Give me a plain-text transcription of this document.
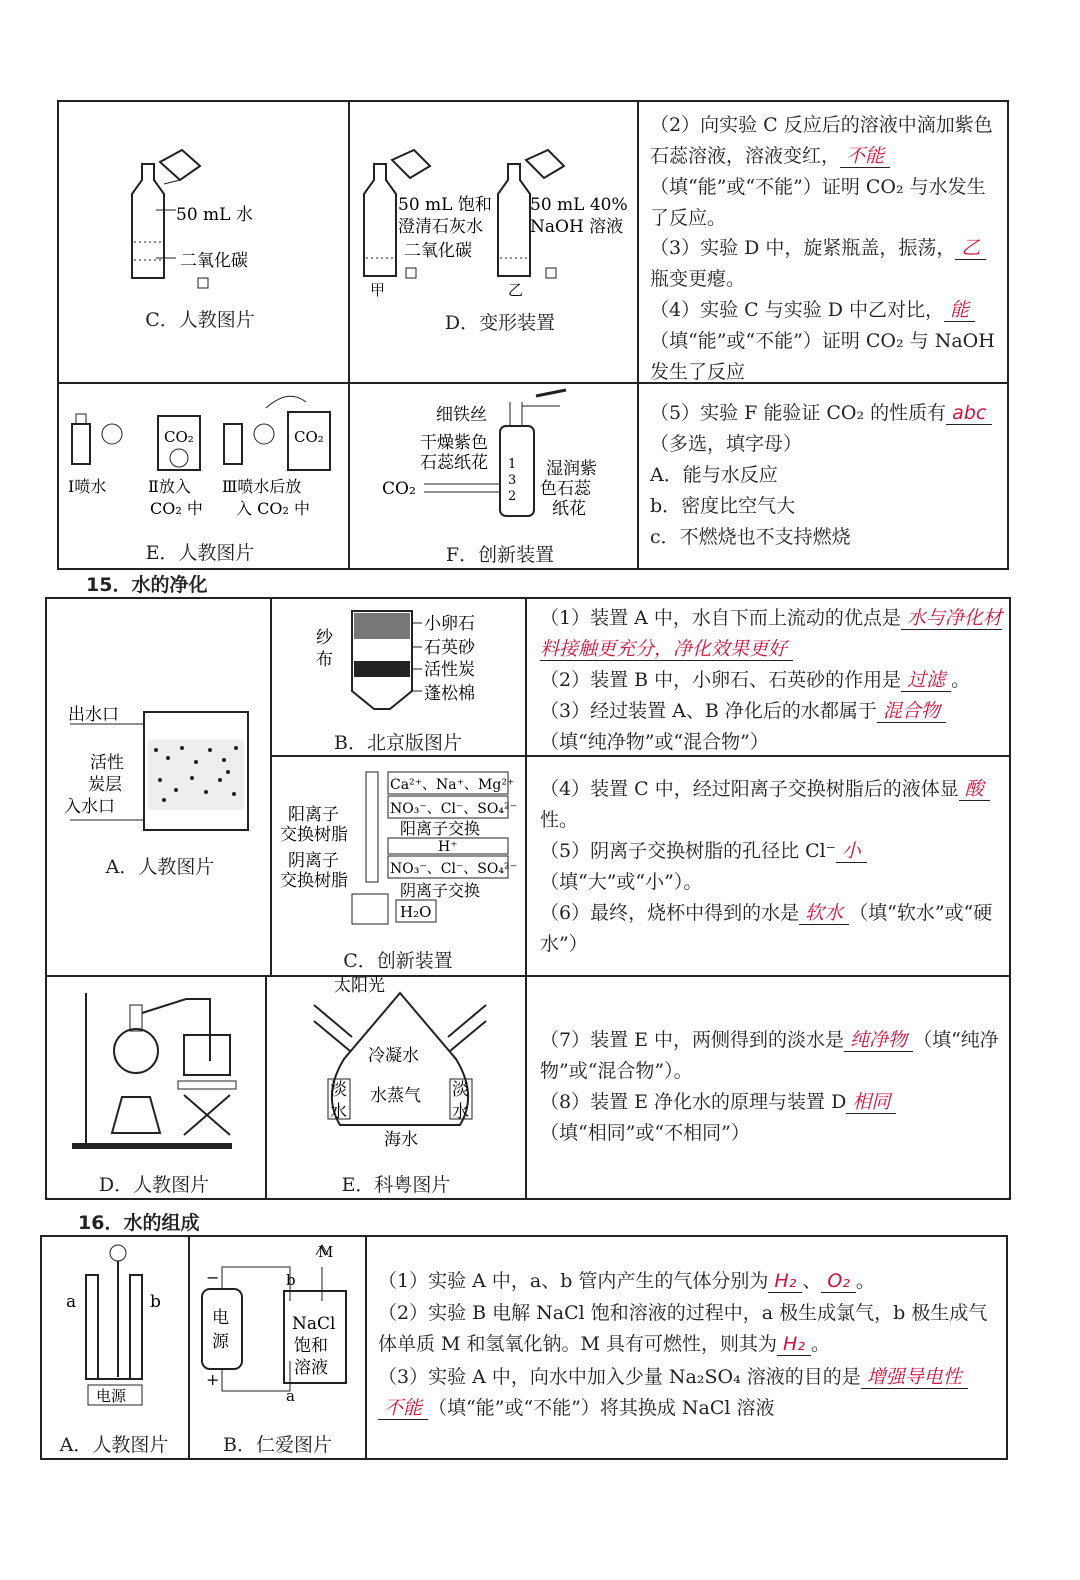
50 mL 水
二氧化碳
C．人教图片
50 mL 饱和
澄清石灰水
50 mL 40%
NaOH 溶液
二氧化碳
甲	乙
D．变形装置
（2）向实验 C 反应后的溶液中滴加紫色石蕊溶液，溶液变红， 不能（填“能”或“不能”）证明 CO₂ 与水发生了反应。
（3）实验 D 中，旋紧瓶盖，振荡， 乙瓶变更瘪。
（4）实验 C 与实验 D 中乙对比， 能（填“能”或“不能”）证明 CO₂ 与 NaOH 发生了反应
CO₂	CO₂
Ⅰ喷水	Ⅱ放入
CO₂ 中
Ⅲ喷水后放
入 CO₂ 中
E．人教图片
1
3
2
细铁丝
干燥紫色
石蕊纸花	湿润紫
色石蕊
纸花
CO₂
F．创新装置
（5）实验 F 能验证 CO₂ 的性质有 abc
（多选，填字母）
A．能与水反应
b．密度比空气大
c．不燃烧也不支持燃烧
15．水的净化
出水口
活性
炭层
入水口
A．人教图片
纱
布
小卵石
石英砂
活性炭
蓬松棉
B．北京版图片
Ca²⁺、Na⁺、Mg²⁺
NO₃⁻、Cl⁻、SO₄²⁻
阳离子交换
H⁺
NO₃⁻、Cl⁻、SO₄²⁻
阴离子交换
H₂O
阳离子
交换树脂
阴离子
交换树脂
C．创新装置
（1）装置 A 中，水自下而上流动的优点是 水与净化材料接触更充分，净化效果更好
（2）装置 B 中，小卵石、石英砂的作用是 过滤 。
（3）经过装置 A、B 净化后的水都属于 混合物
（填“纯净物”或“混合物”）
（4）装置 C 中，经过阳离子交换树脂后的液体显 酸性。
（5）阴离子交换树脂的孔径比 Cl⁻ 小（填“大”或“小”）。
（6）最终，烧杯中得到的水是 软水 （填“软水”或“硬水”）
D．人教图片
太阳光
冷凝水
淡
水
水蒸气 淡
水
海水
E．科粤图片
（7）装置 E 中，两侧得到的淡水是 纯净物 （填“纯净物”或“混合物”）。
（8）装置 E 净化水的原理与装置 D 相同
（填“相同”或“不相同”）
16．水的组成
a	b
电源
A．人教图片
电
源
NaCl
饱和
溶液
M
b
a
−
+
B．仁爱图片
（1）实验 A 中，a、b 管内产生的气体分别为 H₂ 、 O₂ 。
（2）实验 B 电解 NaCl 饱和溶液的过程中，a 极生成氯气，b 极生成气体单质 M 和氢氧化钠。M 具有可燃性，则其为 H₂ 。
（3）实验 A 中，向水中加入少量 Na₂SO₄ 溶液的目的是 增强导电性
不能 （填“能”或“不能”）将其换成 NaCl 溶液
